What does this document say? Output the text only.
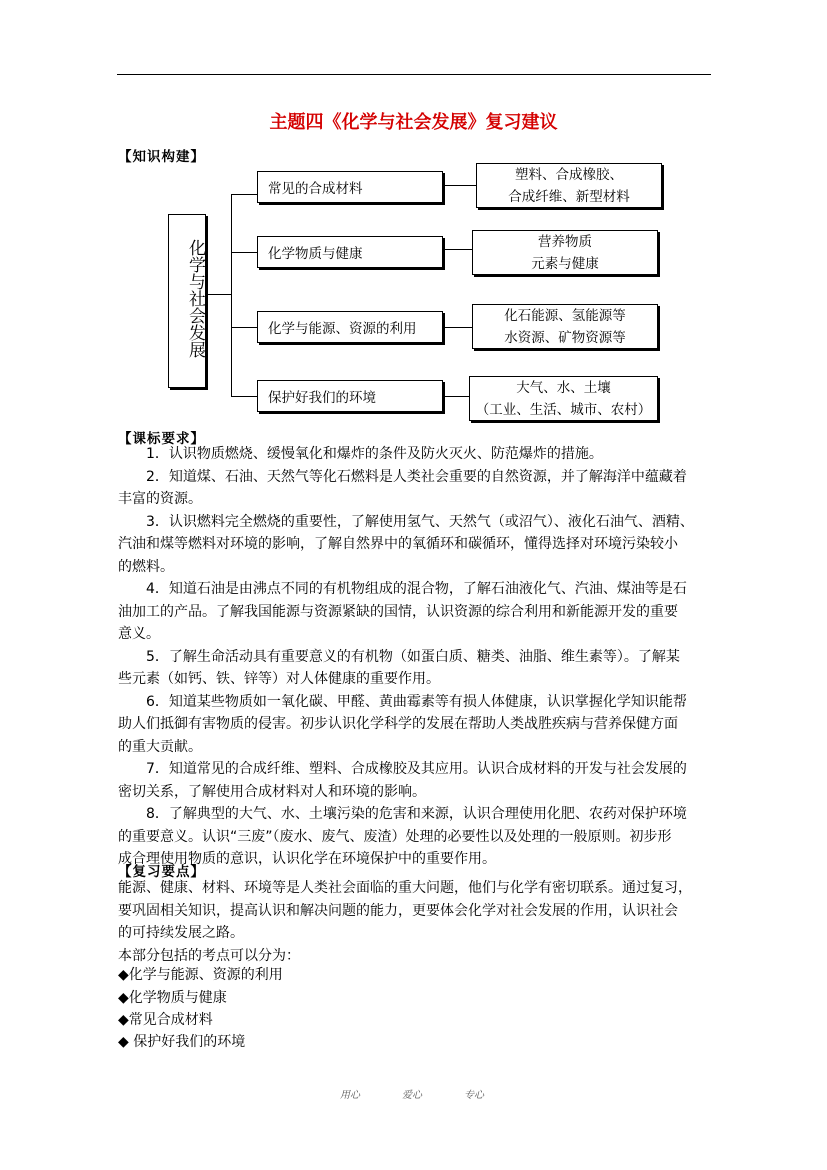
主题四《化学与社会发展》复习建议
【知识构建】
化学与社会发展
常见的合成材料
化学物质与健康
化学与能源、资源的利用
保护好我们的环境
塑料、合成橡胶、
合成纤维、新型材料
营养物质
元素与健康
化石能源、氢能源等
水资源、矿物资源等
大气、水、土壤
（工业、生活、城市、农村）
【课标要求】
1．认识物质燃烧、缓慢氧化和爆炸的条件及防火灭火、防范爆炸的措施。
2．知道煤、石油、天然气等化石燃料是人类社会重要的自然资源，并了解海洋中蕴藏着
丰富的资源。
3．认识燃料完全燃烧的重要性，了解使用氢气、天然气（或沼气）、液化石油气、酒精、
汽油和煤等燃料对环境的影响，了解自然界中的氧循环和碳循环，懂得选择对环境污染较小
的燃料。
4．知道石油是由沸点不同的有机物组成的混合物，了解石油液化气、汽油、煤油等是石
油加工的产品。了解我国能源与资源紧缺的国情，认识资源的综合利用和新能源开发的重要
意义。
5．了解生命活动具有重要意义的有机物（如蛋白质、糖类、油脂、维生素等）。了解某
些元素（如钙、铁、锌等）对人体健康的重要作用。
6．知道某些物质如一氧化碳、甲醛、黄曲霉素等有损人体健康，认识掌握化学知识能帮
助人们抵御有害物质的侵害。初步认识化学科学的发展在帮助人类战胜疾病与营养保健方面
的重大贡献。
7．知道常见的合成纤维、塑料、合成橡胶及其应用。认识合成材料的开发与社会发展的
密切关系，了解使用合成材料对人和环境的影响。
8．了解典型的大气、水、土壤污染的危害和来源，认识合理使用化肥、农药对保护环境
的重要意义。认识“三废”（废水、废气、废渣）处理的必要性以及处理的一般原则。初步形
成合理使用物质的意识，认识化学在环境保护中的重要作用。
【复习要点】
能源、健康、材料、环境等是人类社会面临的重大问题，他们与化学有密切联系。通过复习，
要巩固相关知识，提高认识和解决问题的能力，更要体会化学对社会发展的作用，认识社会
的可持续发展之路。
本部分包括的考点可以分为：
◆化学与能源、资源的利用
◆化学物质与健康
◆常见合成材料
◆ 保护好我们的环境
用心	爱心	专心
